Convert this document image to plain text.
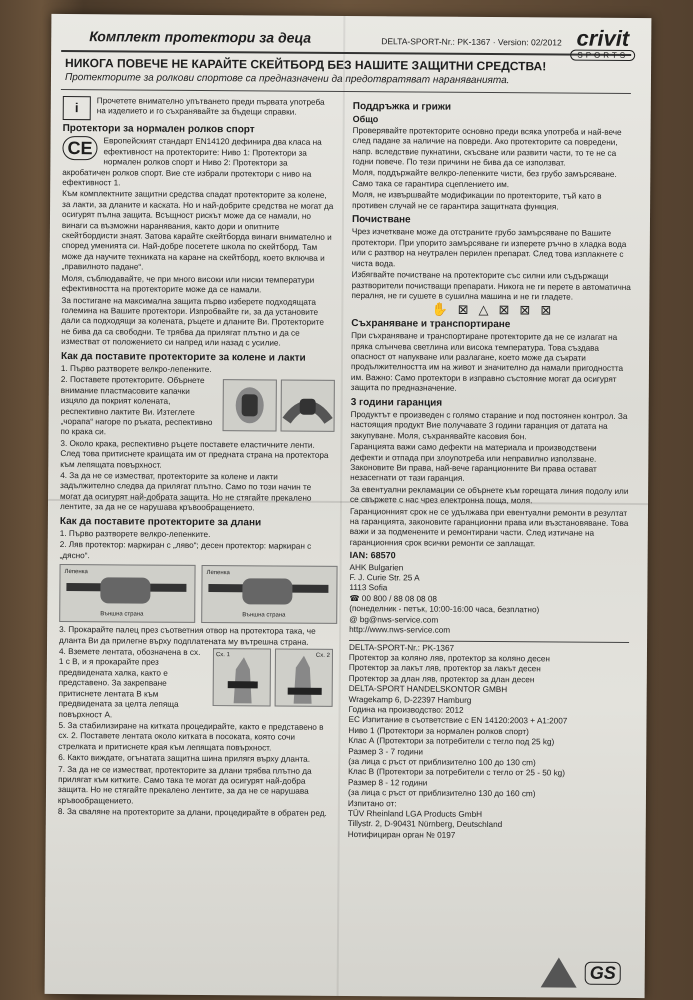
Комплект протектори за деца	DELTA-SPORT-Nr.: PK-1367 · Version: 02/2012 crivit
SPORTS
НИКОГА ПОВЕЧЕ НЕ КАРАЙТЕ СКЕЙТБОРД БЕЗ НАШИТЕ ЗАЩИТНИ СРЕДСТВА!
Протекторите за ролкови спортове са предназначени да предотвратяват нараняванията.
i	Прочетете внимателно упътването преди първата употреба на изделието и го съхранявайте за бъдещи справки.
Протектори за нормален ролков спорт
CE	Европейският стандарт EN14120 дефинира два класа на ефективност на протекторите: Ниво 1: Протектори за нормален ролков спорт и Ниво 2: Протектори за акробатичен ролков спорт. Вие сте избрали протектори с ниво на ефективност 1.
Към комплектните защитни средства спадат протекторите за колене, за лакти, за дланите и каската. Но и най-добрите средства не могат да осигурят пълна защита. Всъщност рискът може да се намали, но винаги са възможни наранявания, както дори и опитните скейтбордисти знаят. Затова карайте скейтборда винаги внимателно и според уменията си. Най-добре посетете школа по скейтборд. Там може да научите техниката на каране на скейтборд, което включва и „правилното падане“.
Моля, съблюдавайте, че при много високи или ниски температури ефективността на протекторите може да се намали.
За постигане на максимална защита първо изберете подходящата големина на Вашите протектори. Изпробвайте ги, за да установите дали са подходящи за колената, ръцете и дланите Ви. Протекторите не бива да са свободни. Те трябва да прилягат плътно и да се изместват от положението си напред или назад с усилие.
Как да поставите протекторите за колене и лакти
1. Първо разтворете велкро-лепенките.
2. Поставете протекторите. Обърнете внимание пластмасовите капачки изцяло да покрият колената, респективно лактите Ви. Изтеглете „чорапа“ нагоре по ръката, респективно по крака си.
3. Около крака, респективно ръцете поставете еластичните ленти. След това притиснете краищата им от предната страна на протектора към лепящата повърхност.
4. За да не се изместват, протекторите за колене и лакти задължително следва да прилягат плътно. Само по този начин те могат да осигурят най-добрата защита. Но не стягайте прекалено лентите, за да не се нарушава кръвообращението.
Как да поставите протекторите за длани
1. Първо разтворете велкро-лепенките.
2. Ляв протектор: маркиран с „ляво“; десен протектор: маркиран с „дясно“.
Лепенка
Външна страна
Лепенка
Външна страна
3. Прокарайте палец през съответния отвор на протектора така, че дланта Ви да прилегне върху подплатената му вътрешна страна.
4. Вземете лентата, обозначена в сх. 1 с B, и я прокарайте през предвидената халка, както е представено. За закрепване притиснете лентата B към предвидената за целта лепяща повърхност A.
Сх. 1	Сх. 2
5. За стабилизиране на китката процедирайте, както е представено в сх. 2. Поставете лентата около китката в посоката, която сочи стрелката и притиснете края към лепящата повърхност.
6. Както виждате, огънатата защитна шина прилягя върху дланта.
7. За да не се изместват, протекторите за длани трябва плътно да прилягат към китките. Само така те могат да осигурят най-добра защита. Но не стягайте прекалено лентите, за да не се нарушава кръвообращението.
8. За сваляне на протекторите за длани, процедирайте в обратен ред.
Поддръжка и грижи
Общо
Проверявайте протекторите основно преди всяка употреба и най-вече след падане за наличие на повреди. Ако протекторите са повредени, напр. вследствие пукнатини, скъсване или развити части, то те не са годни повече. По тези причини не бива да се използват.
Моля, поддържайте велкро-лепенките чисти, без грубо замърсяване. Само така се гарантира сцеплението им.
Моля, не извършвайте модификации по протекторите, тъй като в противен случай не се гарантира защитната функция.
Почистване
Чрез изчеткване може да отстраните грубо замърсяване по Вашите протектори. При упорито замърсяване ги изперете ръчно в хладка вода или с разтвор на неутрален перилен препарат. След това изплакнете с чиста вода.
Избягвайте почистване на протекторите със силни или съдържащи разтворители почистващи препарати. Никога не ги перете в автоматична пералня, не ги сушете в сушилна машина и не ги гладете.
✋ ⊠ △ ⊠ ⊠ ⊠
Съхраняване и транспортиране
При съхраняване и транспортиране протекторите да не се излагат на пряка слънчева светлина или висока температура. Това създава опасност от напукване или разлагане, което може да съкрати продължителността им на живот и значително да намали пригодността им. Важно: Само протектори в изправно състояние могат да осигурят защита по предназначение.
3 години гаранция
Продуктът е произведен с голямо старание и под постоянен контрол. За настоящия продукт Вие получавате 3 години гаранция от датата на закупуване. Моля, съхранявайте касовия бон.
Гаранцията важи само дефекти на материала и производствени дефекти и отпада при злоупотреба или неправилно използване. Законовите Ви права, най-вече гаранционните Ви права остават незасегнати от тази гаранция.
За евентуални рекламации се обърнете към горещата линия подолу или се свържете с нас чрез електронна поща, моля.
Гаранционният срок не се удължава при евентуални ремонти в резултат на гаранцията, законовите гаранционни права или възстановяване. Това важи и за подменените и ремонтирани части. След изтичане на гаранционния срок всички ремонти се заплащат.
IAN: 68570
AHK Bulgarien
F. J. Curie Str. 25 A
1113 Sofia
☎ 00 800 / 88 08 08 08
(понеделник - петък, 10:00-16:00 часа, безплатно)
@ bg@nws-service.com
http://www.nws-service.com
DELTA-SPORT-Nr.: PK-1367
Протектор за колянo ляв, протектор за коляно десен
Протектор за лакът ляв, протектор за лакът десен
Протектор за длан ляв, протектор за длан десен
DELTA-SPORT HANDELSKONTOR GMBH
Wragekamp 6, D-22397 Hamburg
Година на производство: 2012
ЕС Изпитание в съответствие с EN 14120:2003 + A1:2007
Ниво 1 (Протектори за нормален ролков спорт)
Клас А (Протектори за потребители с тегло под 25 kg)
Размер 3 - 7 години
(за лица с ръст от приблизително 100 до 130 cm)
Клас В (Протектори за потребители с тегло от 25 - 50 kg)
Размер 8 - 12 години
(за лица с ръст от приблизително 130 до 160 cm)
Изпитано от:
TÜV Rheinland LGA Products GmbH
Tillystr. 2, D-90431 Nürnberg, Deutschland
Нотифициран орган № 0197
GS
